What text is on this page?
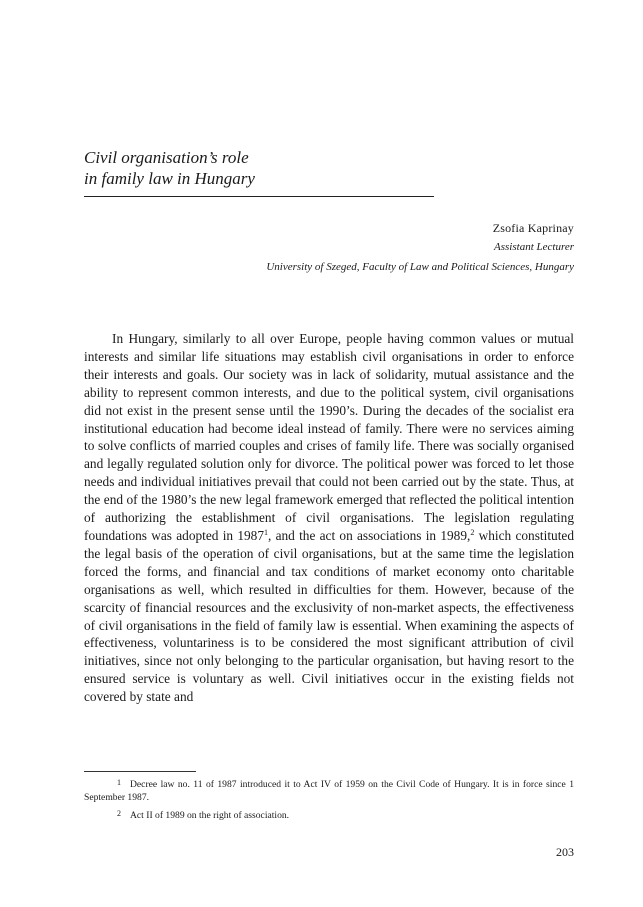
Civil organisation’s role
in family law in Hungary
Zsofia Kaprinay
Assistant Lecturer
University of Szeged, Faculty of Law and Political Sciences, Hungary

In Hungary, similarly to all over Europe, people having common values or mutual interests and similar life situations may establish civil organisations in order to enforce their interests and goals. Our society was in lack of solidarity, mutual assistance and the ability to represent common interests, and due to the political system, civil organisations did not exist in the present sense until the 1990’s. During the decades of the socialist era institutional education had become ideal instead of family. There were no services aiming to solve conflicts of married couples and crises of family life. There was socially organised and legally regulated solution only for divorce. The political power was forced to let those needs and individual initiatives prevail that could not been carried out by the state. Thus, at the end of the 1980’s the new legal framework emerged that reflected the political intention of authorizing the establishment of civil organisations. The legislation regulating foundations was adopted in 1987$^1$, and the act on associations in 1989,$^2$ which constituted the legal basis of the operation of civil organisations, but at the same time the legislation forced the forms, and financial and tax conditions of market economy onto charitable organisations as well, which resulted in difficulties for them. However, because of the scarcity of financial resources and the exclusivity of non-market aspects, the effectiveness of civil organisations in the field of family law is essential. When examining the aspects of effectiveness, voluntariness is to be considered the most significant attribution of civil initiatives, since not only belonging to the particular organisation, but having resort to the ensured service is voluntary as well. Civil initiatives occur in the existing fields not covered by state and

1 Decree law no. 11 of 1987 introduced it to Act IV of 1959 on the Civil Code of Hungary. It is in force since 1 September 1987.

2 Act II of 1989 on the right of association.

203
